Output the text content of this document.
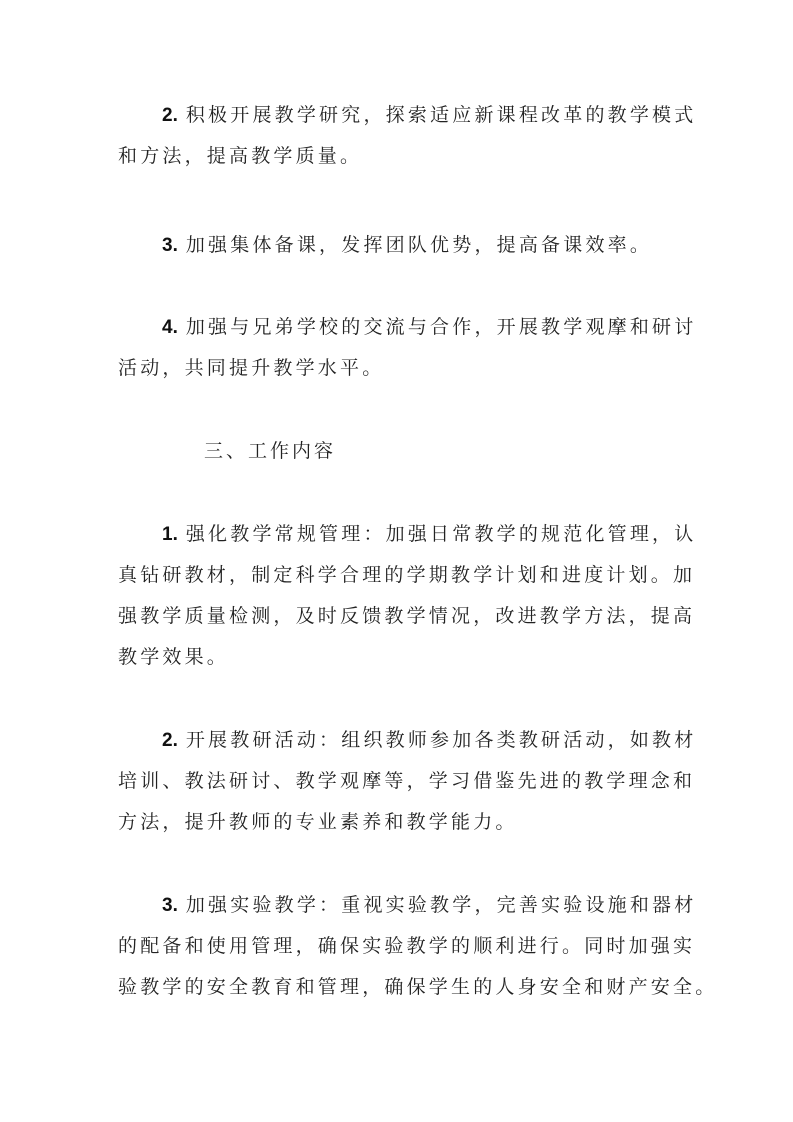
2. 积极开展教学研究，探索适应新课程改革的教学模式
和方法，提高教学质量。
3. 加强集体备课，发挥团队优势，提高备课效率。
4. 加强与兄弟学校的交流与合作，开展教学观摩和研讨
活动，共同提升教学水平。
三、工作内容
1. 强化教学常规管理：加强日常教学的规范化管理，认
真钻研教材，制定科学合理的学期教学计划和进度计划。加
强教学质量检测，及时反馈教学情况，改进教学方法，提高
教学效果。
2. 开展教研活动：组织教师参加各类教研活动，如教材
培训、教法研讨、教学观摩等，学习借鉴先进的教学理念和
方法，提升教师的专业素养和教学能力。
3. 加强实验教学：重视实验教学，完善实验设施和器材
的配备和使用管理，确保实验教学的顺利进行。同时加强实
验教学的安全教育和管理，确保学生的人身安全和财产安全。
